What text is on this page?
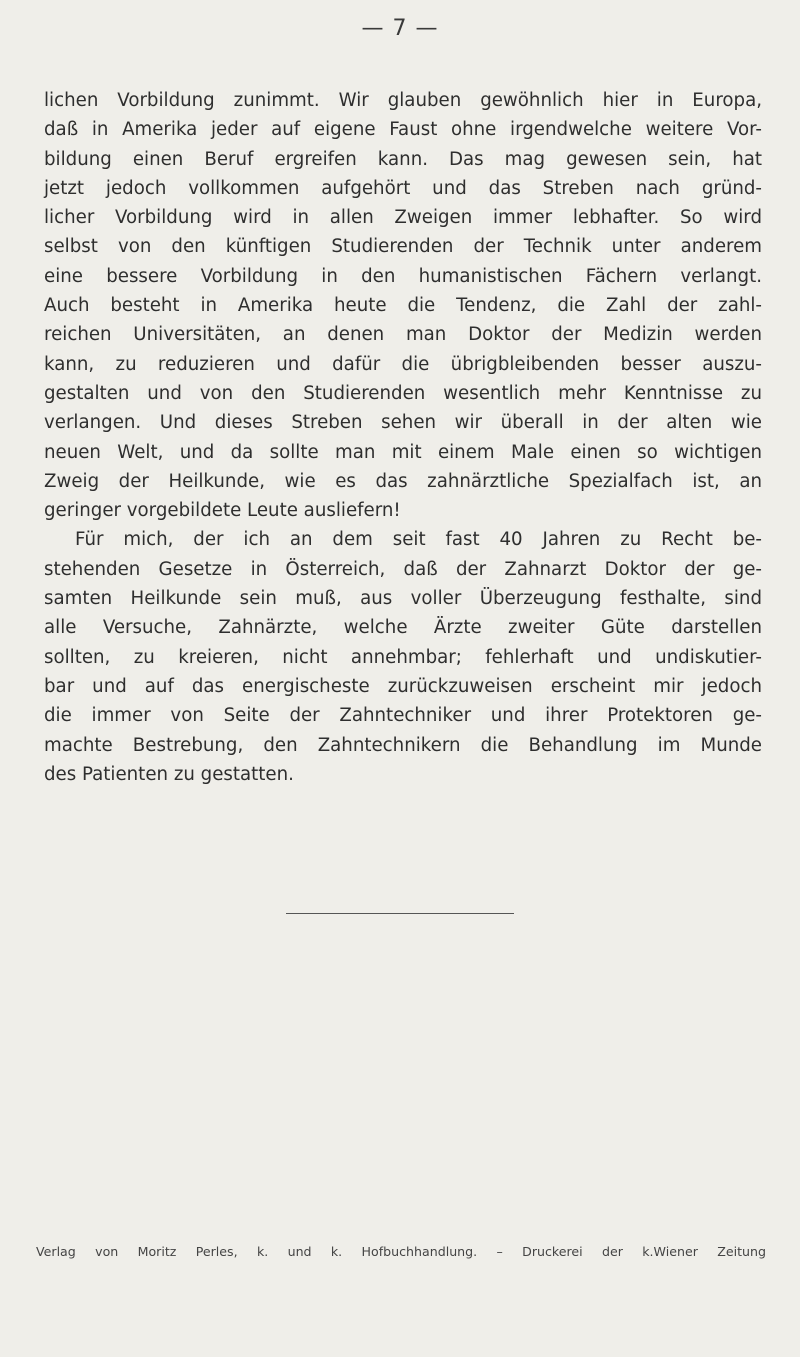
— 7 —
lichen Vorbildung zunimmt. Wir glauben gewöhnlich hier in Europa,
daß in Amerika jeder auf eigene Faust ohne irgendwelche weitere Vor-
bildung einen Beruf ergreifen kann. Das mag gewesen sein, hat
jetzt jedoch vollkommen aufgehört und das Streben nach gründ-
licher Vorbildung wird in allen Zweigen immer lebhafter. So wird
selbst von den künftigen Studierenden der Technik unter anderem
eine bessere Vorbildung in den humanistischen Fächern verlangt.
Auch besteht in Amerika heute die Tendenz, die Zahl der zahl-
reichen Universitäten, an denen man Doktor der Medizin werden
kann, zu reduzieren und dafür die übrigbleibenden besser auszu-
gestalten und von den Studierenden wesentlich mehr Kenntnisse zu
verlangen. Und dieses Streben sehen wir überall in der alten wie
neuen Welt, und da sollte man mit einem Male einen so wichtigen
Zweig der Heilkunde, wie es das zahnärztliche Spezialfach ist, an
geringer vorgebildete Leute ausliefern!
Für mich, der ich an dem seit fast 40 Jahren zu Recht be-
stehenden Gesetze in Österreich, daß der Zahnarzt Doktor der ge-
samten Heilkunde sein muß, aus voller Überzeugung festhalte, sind
alle Versuche, Zahnärzte, welche Ärzte zweiter Güte darstellen
sollten, zu kreieren, nicht annehmbar; fehlerhaft und undiskutier-
bar und auf das energischeste zurückzuweisen erscheint mir jedoch
die immer von Seite der Zahntechniker und ihrer Protektoren ge-
machte Bestrebung, den Zahntechnikern die Behandlung im Munde
des Patienten zu gestatten.
Verlag von Moritz Perles, k. und k. Hofbuchhandlung. – Druckerei der k.Wiener Zeitung
